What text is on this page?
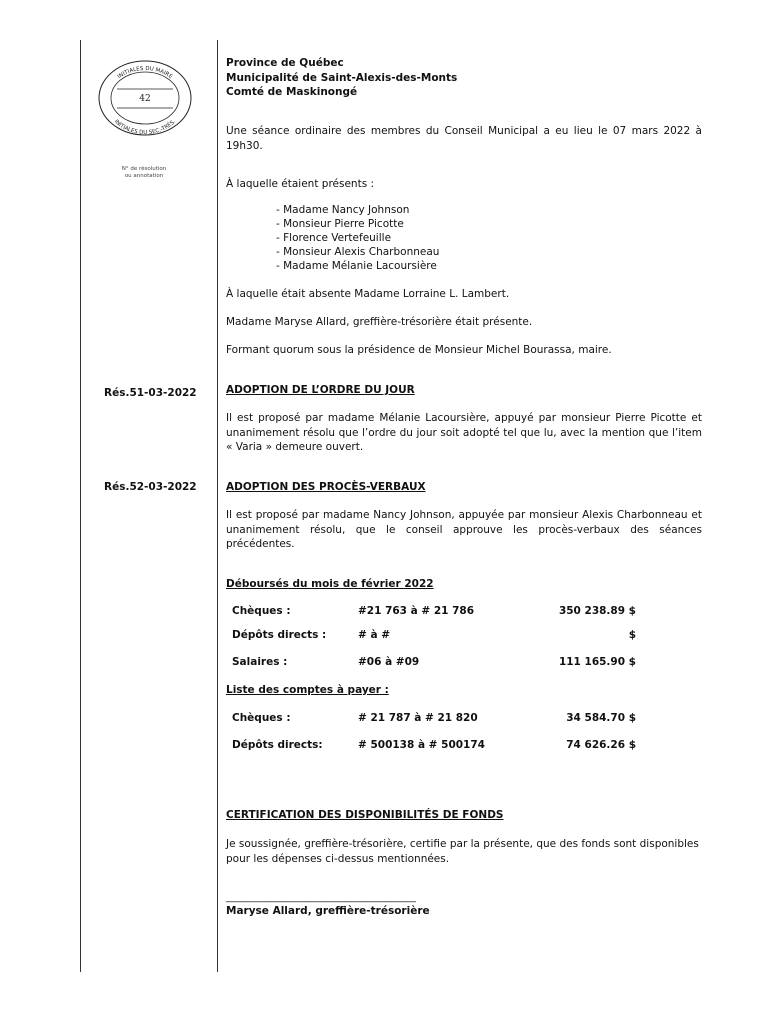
INITIALES DU MAIRE
INITIALES DU SEC.-TRÉS.
42
N° de résolution
ou annotation
Province de Québec
Municipalité de Saint-Alexis-des-Monts
Comté de Maskinongé
Une séance ordinaire des membres du Conseil Municipal a eu lieu le 07 mars 2022 à 19h30.
À laquelle étaient présents :
- Madame Nancy Johnson
- Monsieur Pierre Picotte
- Florence Vertefeuille
- Monsieur Alexis Charbonneau
- Madame Mélanie Lacoursière
À laquelle était absente Madame Lorraine L. Lambert.
Madame Maryse Allard, greffière-trésorière était présente.
Formant quorum sous la présidence de Monsieur Michel Bourassa, maire.
Rés.51-03-2022	ADOPTION DE L’ORDRE DU JOUR
Il est proposé par madame Mélanie Lacoursière, appuyé par monsieur Pierre Picotte et unanimement résolu que l’ordre du jour soit adopté tel que lu, avec la mention que l’item « Varia » demeure ouvert.
Rés.52-03-2022	ADOPTION DES PROCÈS-VERBAUX
Il est proposé par madame Nancy Johnson, appuyée par monsieur Alexis Charbonneau et unanimement résolu, que le conseil approuve les procès-verbaux des séances précédentes.
Déboursés du mois de février 2022
Chèques :	#21 763 à # 21 786	350 238.89 $
Dépôts directs :	# à #	$
Salaires :	#06 à #09	111 165.90 $
Liste des comptes à payer :
Chèques :	# 21 787 à # 21 820	34 584.70 $
Dépôts directs:	# 500138 à # 500174	74 626.26 $
CERTIFICATION DES DISPONIBILITÉS DE FONDS
Je soussignée, greffière-trésorière, certifie par la présente, que des fonds sont disponibles pour les dépenses ci-dessus mentionnées.
______________________________________
Maryse Allard, greffière-trésorière
